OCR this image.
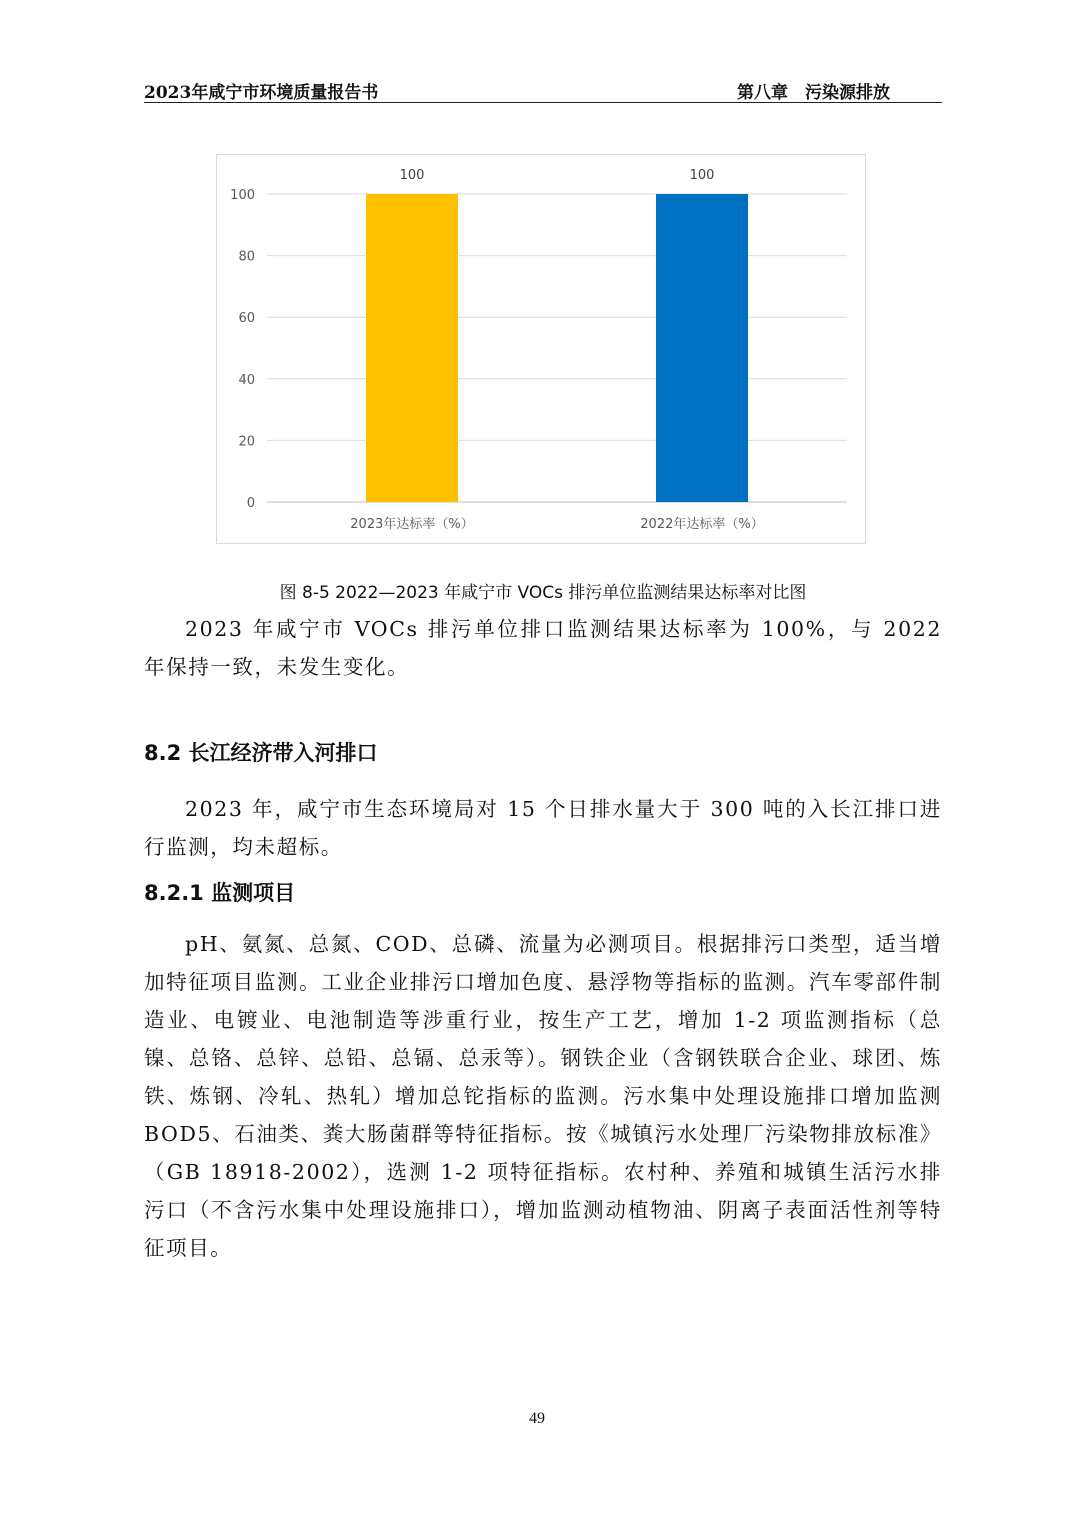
2023年咸宁市环境质量报告书	第八章　污染源排放
0
20
40
60
80
100
100
2023年达标率（%）
100
2022年达标率（%）
图 8-5 2022—2023 年咸宁市 VOCs 排污单位监测结果达标率对比图

2023 年咸宁市 VOCs 排污单位排口监测结果达标率为 100%，与 2022 年保持一致，未发生变化。

8.2 长江经济带入河排口

2023 年，咸宁市生态环境局对 15 个日排水量大于 300 吨的入长江排口进行监测，均未超标。

8.2.1 监测项目

pH、氨氮、总氮、COD、总磷、流量为必测项目。根据排污口类型，适当增加特征项目监测。工业企业排污口增加色度、悬浮物等指标的监测。汽车零部件制造业、电镀业、电池制造等涉重行业，按生产工艺，增加 1-2 项监测指标（总镍、总铬、总锌、总铅、总镉、总汞等）。钢铁企业（含钢铁联合企业、球团、炼铁、炼钢、冷轧、热轧）增加总铊指标的监测。污水集中处理设施排口增加监测 BOD5、石油类、粪大肠菌群等特征指标。按《城镇污水处理厂污染物排放标准》（GB 18918-2002），选测 1-2 项特征指标。农村种、养殖和城镇生活污水排污口（不含污水集中处理设施排口），增加监测动植物油、阴离子表面活性剂等特征项目。

49
